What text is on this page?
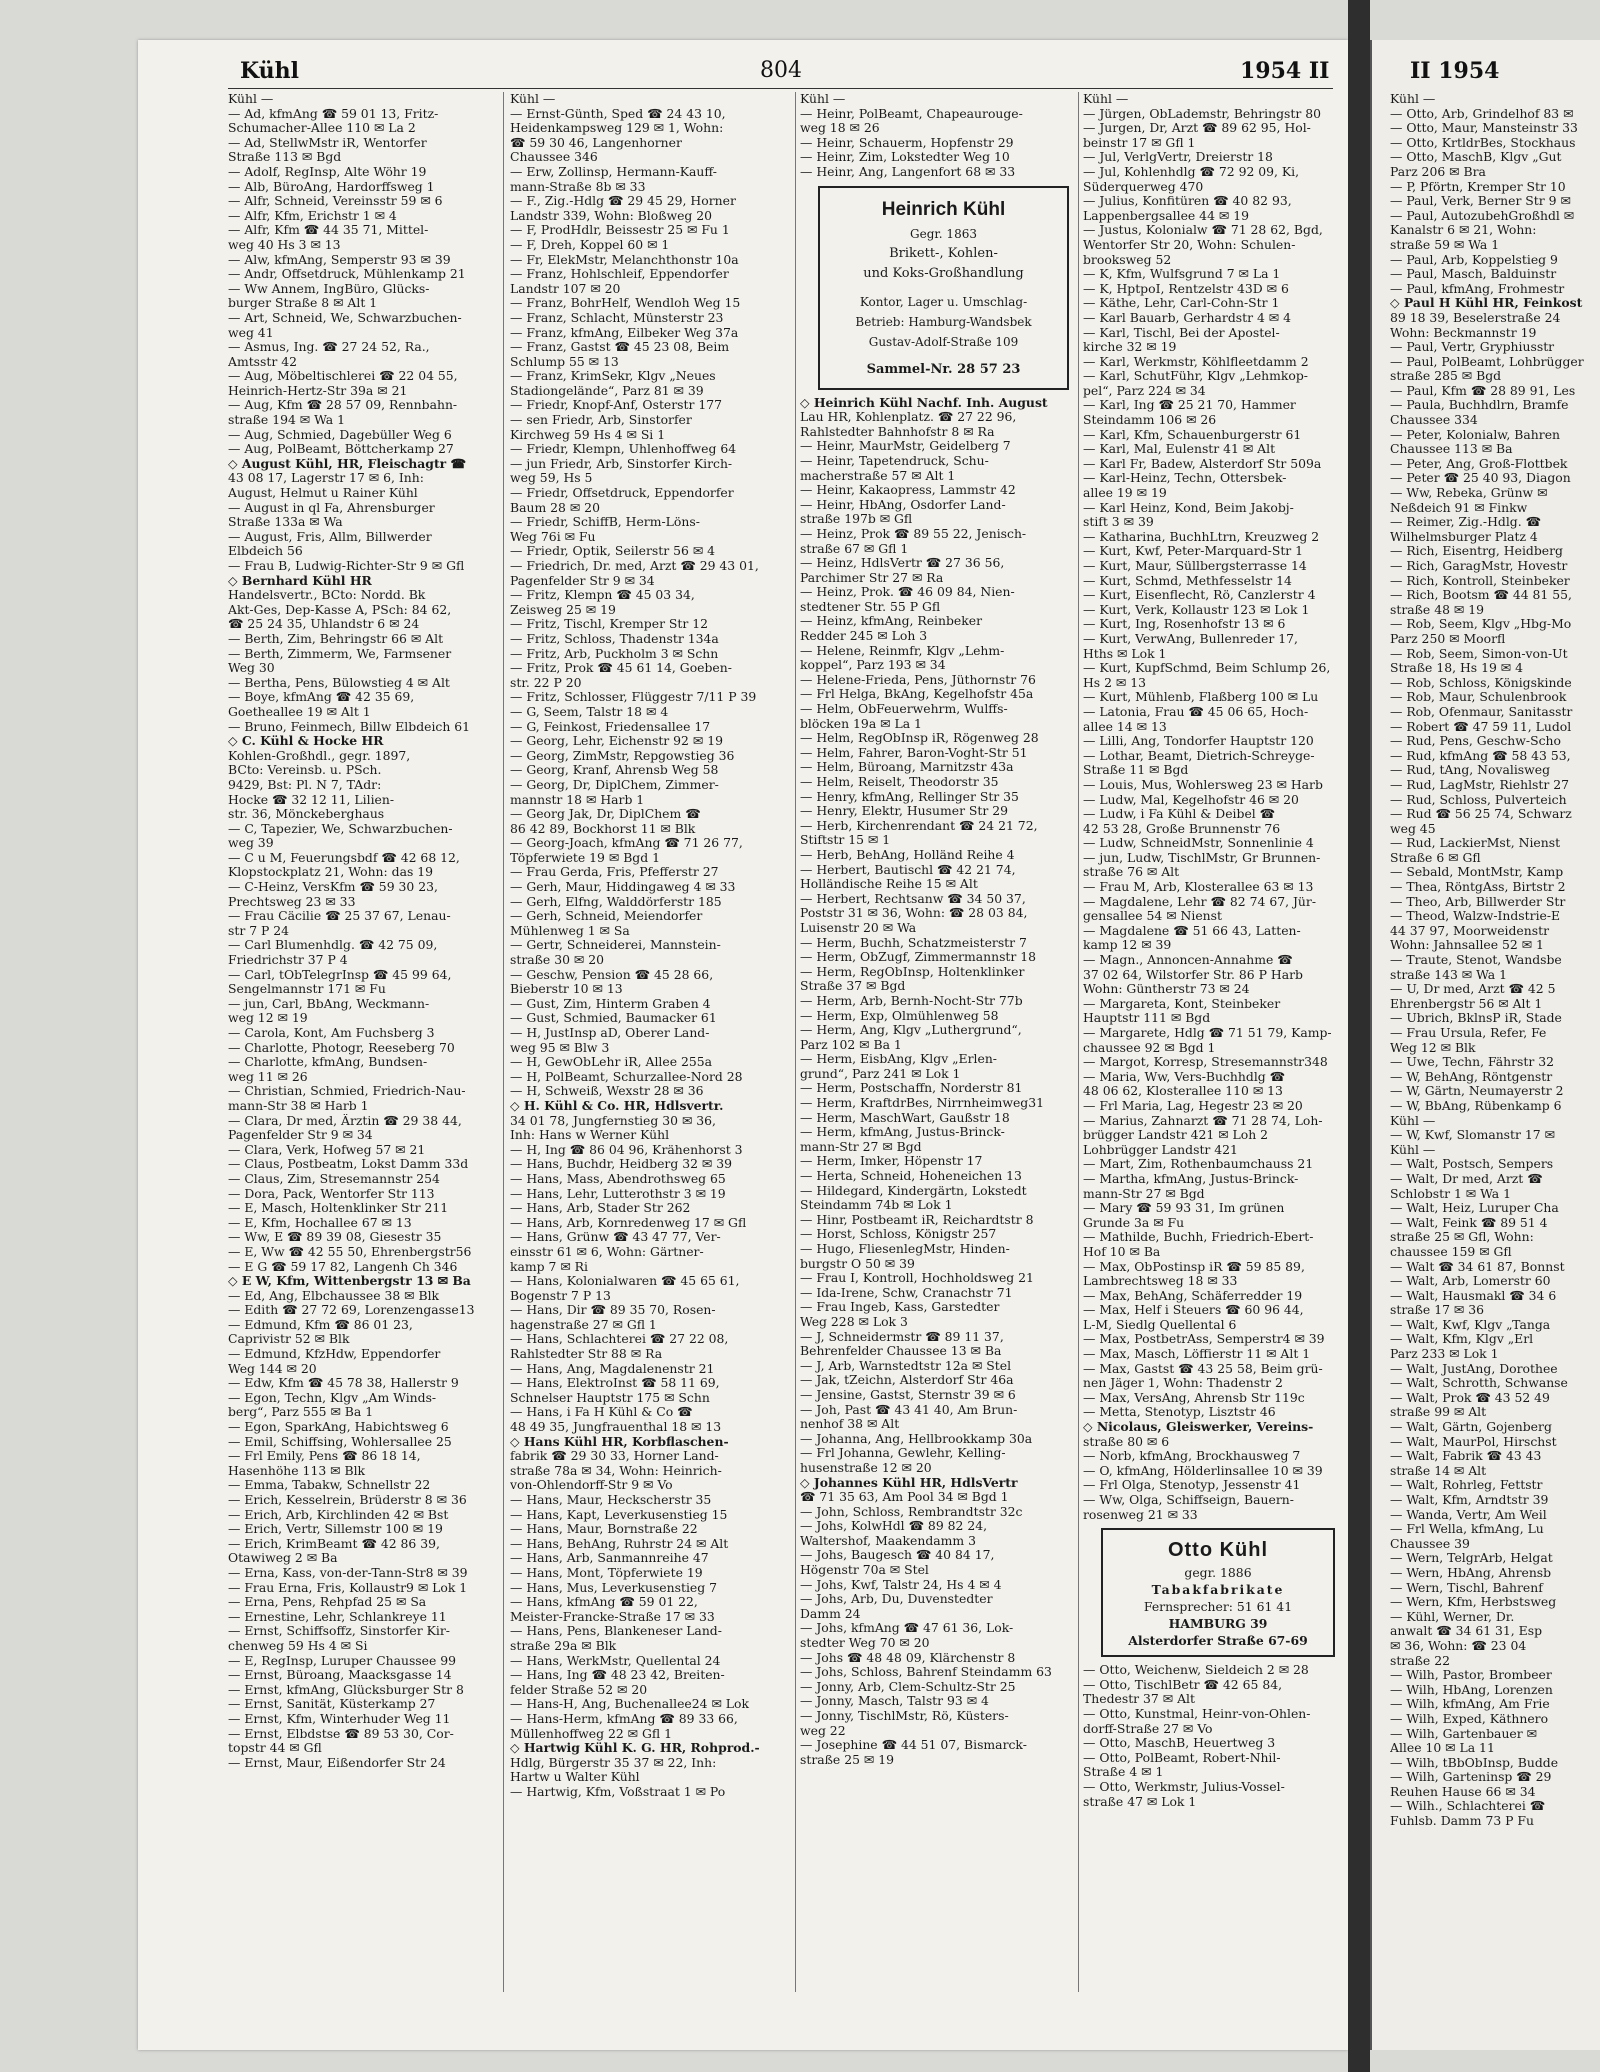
Kühl	804	1954 II	II 1954
Kühl —
— Ad, kfmAng ☎ 59 01 13, Fritz-
Schumacher-Allee 110 ✉ La 2
— Ad, StellwMstr iR, Wentorfer
Straße 113 ✉ Bgd
— Adolf, RegInsp, Alte Wöhr 19
— Alb, BüroAng, Hardorffsweg 1
— Alfr, Schneid, Vereinsstr 59 ✉ 6
— Alfr, Kfm, Erichstr 1 ✉ 4
— Alfr, Kfm ☎ 44 35 71, Mittel-
weg 40 Hs 3 ✉ 13
— Alw, kfmAng, Semperstr 93 ✉ 39
— Andr, Offsetdruck, Mühlenkamp 21
— Ww Annem, IngBüro, Glücks-
burger Straße 8 ✉ Alt 1
— Art, Schneid, We, Schwarzbuchen-
weg 41
— Asmus, Ing. ☎ 27 24 52, Ra.,
Amtsstr 42
— Aug, Möbeltischlerei ☎ 22 04 55,
Heinrich-Hertz-Str 39a ✉ 21
— Aug, Kfm ☎ 28 57 09, Rennbahn-
straße 194 ✉ Wa 1
— Aug, Schmied, Dagebüller Weg 6
— Aug, PolBeamt, Böttcherkamp 27
◇ August Kühl, HR, Fleischagtr ☎
43 08 17, Lagerstr 17 ✉ 6, Inh:
August, Helmut u Rainer Kühl
— August in ql Fa, Ahrensburger
Straße 133a ✉ Wa
— August, Fris, Allm, Billwerder
Elbdeich 56
— Frau B, Ludwig-Richter-Str 9 ✉ Gfl
◇ Bernhard Kühl HR
Handelsvertr., BCto: Nordd. Bk
Akt-Ges, Dep-Kasse A, PSch: 84 62,
☎ 25 24 35, Uhlandstr 6 ✉ 24
— Berth, Zim, Behringstr 66 ✉ Alt
— Berth, Zimmerm, We, Farmsener
Weg 30
— Bertha, Pens, Bülowstieg 4 ✉ Alt
— Boye, kfmAng ☎ 42 35 69,
Goetheallee 19 ✉ Alt 1
— Bruno, Feinmech, Billw Elbdeich 61
◇ C. Kühl & Hocke HR
Kohlen-Großhdl., gegr. 1897,
BCto: Vereinsb. u. PSch.
9429, Bst: Pl. N 7, TAdr:
Hocke ☎ 32 12 11, Lilien-
str. 36, Mönckeberghaus
— C, Tapezier, We, Schwarzbuchen-
weg 39
— C u M, Feuerungsbdf ☎ 42 68 12,
Klopstockplatz 21, Wohn: das 19
— C-Heinz, VersKfm ☎ 59 30 23,
Prechtsweg 23 ✉ 33
— Frau Cäcilie ☎ 25 37 67, Lenau-
str 7 P 24
— Carl Blumenhdlg. ☎ 42 75 09,
Friedrichstr 37 P 4
— Carl, tObTelegrInsp ☎ 45 99 64,
Sengelmannstr 171 ✉ Fu
— jun, Carl, BbAng, Weckmann-
weg 12 ✉ 19
— Carola, Kont, Am Fuchsberg 3
— Charlotte, Photogr, Reeseberg 70
— Charlotte, kfmAng, Bundsen-
weg 11 ✉ 26
— Christian, Schmied, Friedrich-Nau-
mann-Str 38 ✉ Harb 1
— Clara, Dr med, Ärztin ☎ 29 38 44,
Pagenfelder Str 9 ✉ 34
— Clara, Verk, Hofweg 57 ✉ 21
— Claus, Postbeatm, Lokst Damm 33d
— Claus, Zim, Stresemannstr 254
— Dora, Pack, Wentorfer Str 113
— E, Masch, Holtenklinker Str 211
— E, Kfm, Hochallee 67 ✉ 13
— Ww, E ☎ 89 39 08, Giesestr 35
— E, Ww ☎ 42 55 50, Ehrenbergstr56
— E G ☎ 59 17 82, Langenh Ch 346
◇ E W, Kfm, Wittenbergstr 13 ✉ Ba
— Ed, Ang, Elbchaussee 38 ✉ Blk
— Edith ☎ 27 72 69, Lorenzengasse13
— Edmund, Kfm ☎ 86 01 23,
Caprivistr 52 ✉ Blk
— Edmund, KfzHdw, Eppendorfer
Weg 144 ✉ 20
— Edw, Kfm ☎ 45 78 38, Hallerstr 9
— Egon, Techn, Klgv „Am Winds-
berg“, Parz 555 ✉ Ba 1
— Egon, SparkAng, Habichtsweg 6
— Emil, Schiffsing, Wohlersallee 25
— Frl Emily, Pens ☎ 86 18 14,
Hasenhöhe 113 ✉ Blk
— Emma, Tabakw, Schnellstr 22
— Erich, Kesselrein, Brüderstr 8 ✉ 36
— Erich, Arb, Kirchlinden 42 ✉ Bst
— Erich, Vertr, Sillemstr 100 ✉ 19
— Erich, KrimBeamt ☎ 42 86 39,
Otawiweg 2 ✉ Ba
— Erna, Kass, von-der-Tann-Str8 ✉ 39
— Frau Erna, Fris, Kollaustr9 ✉ Lok 1
— Erna, Pens, Rehpfad 25 ✉ Sa
— Ernestine, Lehr, Schlankreye 11
— Ernst, Schiffsoffz, Sinstorfer Kir-
chenweg 59 Hs 4 ✉ Si
— E, RegInsp, Luruper Chaussee 99
— Ernst, Büroang, Maacksgasse 14
— Ernst, kfmAng, Glücksburger Str 8
— Ernst, Sanität, Küsterkamp 27
— Ernst, Kfm, Winterhuder Weg 11
— Ernst, Elbdstse ☎ 89 53 30, Cor-
topstr 44 ✉ Gfl
— Ernst, Maur, Eißendorfer Str 24
Kühl —
— Ernst-Günth, Sped ☎ 24 43 10,
Heidenkampsweg 129 ✉ 1, Wohn:
☎ 59 30 46, Langenhorner
Chaussee 346
— Erw, Zollinsp, Hermann-Kauff-
mann-Straße 8b ✉ 33
— F., Zig.-Hdlg ☎ 29 45 29, Horner
Landstr 339, Wohn: Bloßweg 20
— F, ProdHdlr, Beissestr 25 ✉ Fu 1
— F, Dreh, Koppel 60 ✉ 1
— Fr, ElekMstr, Melanchthonstr 10a
— Franz, Hohlschleif, Eppendorfer
Landstr 107 ✉ 20
— Franz, BohrHelf, Wendloh Weg 15
— Franz, Schlacht, Münsterstr 23
— Franz, kfmAng, Eilbeker Weg 37a
— Franz, Gastst ☎ 45 23 08, Beim
Schlump 55 ✉ 13
— Franz, KrimSekr, Klgv „Neues
Stadiongelände“, Parz 81 ✉ 39
— Friedr, Knopf-Anf, Osterstr 177
— sen Friedr, Arb, Sinstorfer
Kirchweg 59 Hs 4 ✉ Si 1
— Friedr, Klempn, Uhlenhoffweg 64
— jun Friedr, Arb, Sinstorfer Kirch-
weg 59, Hs 5
— Friedr, Offsetdruck, Eppendorfer
Baum 28 ✉ 20
— Friedr, SchiffB, Herm-Löns-
Weg 76i ✉ Fu
— Friedr, Optik, Seilerstr 56 ✉ 4
— Friedrich, Dr. med, Arzt ☎ 29 43 01,
Pagenfelder Str 9 ✉ 34
— Fritz, Klempn ☎ 45 03 34,
Zeisweg 25 ✉ 19
— Fritz, Tischl, Kremper Str 12
— Fritz, Schloss, Thadenstr 134a
— Fritz, Arb, Puckholm 3 ✉ Schn
— Fritz, Prok ☎ 45 61 14, Goeben-
str. 22 P 20
— Fritz, Schlosser, Flüggestr 7/11 P 39
— G, Seem, Talstr 18 ✉ 4
— G, Feinkost, Friedensallee 17
— Georg, Lehr, Eichenstr 92 ✉ 19
— Georg, ZimMstr, Repgowstieg 36
— Georg, Kranf, Ahrensb Weg 58
— Georg, Dr, DiplChem, Zimmer-
mannstr 18 ✉ Harb 1
— Georg Jak, Dr, DiplChem ☎
86 42 89, Bockhorst 11 ✉ Blk
— Georg-Joach, kfmAng ☎ 71 26 77,
Töpferwiete 19 ✉ Bgd 1
— Frau Gerda, Fris, Pfefferstr 27
— Gerh, Maur, Hiddingaweg 4 ✉ 33
— Gerh, Elfng, Walddörferstr 185
— Gerh, Schneid, Meiendorfer
Mühlenweg 1 ✉ Sa
— Gertr, Schneiderei, Mannstein-
straße 30 ✉ 20
— Geschw, Pension ☎ 45 28 66,
Bieberstr 10 ✉ 13
— Gust, Zim, Hinterm Graben 4
— Gust, Schmied, Baumacker 61
— H, JustInsp aD, Oberer Land-
weg 95 ✉ Blw 3
— H, GewObLehr iR, Allee 255a
— H, PolBeamt, Schurzallee-Nord 28
— H, Schweiß, Wexstr 28 ✉ 36
◇ H. Kühl & Co. HR, Hdlsvertr.
34 01 78, Jungfernstieg 30 ✉ 36,
Inh: Hans w Werner Kühl
— H, Ing ☎ 86 04 96, Krähenhorst 3
— Hans, Buchdr, Heidberg 32 ✉ 39
— Hans, Mass, Abendrothsweg 65
— Hans, Lehr, Lutterothstr 3 ✉ 19
— Hans, Arb, Stader Str 262
— Hans, Arb, Kornredenweg 17 ✉ Gfl
— Hans, Grünw ☎ 43 47 77, Ver-
einsstr 61 ✉ 6, Wohn: Gärtner-
kamp 7 ✉ Ri
— Hans, Kolonialwaren ☎ 45 65 61,
Bogenstr 7 P 13
— Hans, Dir ☎ 89 35 70, Rosen-
hagenstraße 27 ✉ Gfl 1
— Hans, Schlachterei ☎ 27 22 08,
Rahlstedter Str 88 ✉ Ra
— Hans, Ang, Magdalenenstr 21
— Hans, ElektroInst ☎ 58 11 69,
Schnelser Hauptstr 175 ✉ Schn
— Hans, i Fa H Kühl & Co ☎
48 49 35, Jungfrauenthal 18 ✉ 13
◇ Hans Kühl HR, Korbflaschen-
fabrik ☎ 29 30 33, Horner Land-
straße 78a ✉ 34, Wohn: Heinrich-
von-Ohlendorff-Str 9 ✉ Vo
— Hans, Maur, Heckscherstr 35
— Hans, Kapt, Leverkusenstieg 15
— Hans, Maur, Bornstraße 22
— Hans, BehAng, Ruhrstr 24 ✉ Alt
— Hans, Arb, Sanmannreihe 47
— Hans, Mont, Töpferwiete 19
— Hans, Mus, Leverkusenstieg 7
— Hans, kfmAng ☎ 59 01 22,
Meister-Francke-Straße 17 ✉ 33
— Hans, Pens, Blankeneser Land-
straße 29a ✉ Blk
— Hans, WerkMstr, Quellental 24
— Hans, Ing ☎ 48 23 42, Breiten-
felder Straße 52 ✉ 20
— Hans-H, Ang, Buchenallee24 ✉ Lok
— Hans-Herm, kfmAng ☎ 89 33 66,
Müllenhoffweg 22 ✉ Gfl 1
◇ Hartwig Kühl K. G. HR, Rohprod.-
Hdlg, Bürgerstr 35 37 ✉ 22, Inh:
Hartw u Walter Kühl
— Hartwig, Kfm, Voßstraat 1 ✉ Po
Kühl —
— Heinr, PolBeamt, Chapeaurouge-
weg 18 ✉ 26
— Heinr, Schauerm, Hopfenstr 29
— Heinr, Zim, Lokstedter Weg 10
— Heinr, Ang, Langenfort 68 ✉ 33
Heinrich Kühl
Gegr. 1863
Brikett-, Kohlen-
und Koks-Großhandlung
Kontor, Lager u. Umschlag-
Betrieb: Hamburg-Wandsbek
Gustav-Adolf-Straße 109
Sammel-Nr. 28 57 23
◇ Heinrich Kühl Nachf. Inh. August
Lau HR, Kohlenplatz. ☎ 27 22 96,
Rahlstedter Bahnhofstr 8 ✉ Ra
— Heinr, MaurMstr, Geidelberg 7
— Heinr, Tapetendruck, Schu-
macherstraße 57 ✉ Alt 1
— Heinr, Kakaopress, Lammstr 42
— Heinr, HbAng, Osdorfer Land-
straße 197b ✉ Gfl
— Heinz, Prok ☎ 89 55 22, Jenisch-
straße 67 ✉ Gfl 1
— Heinz, HdlsVertr ☎ 27 36 56,
Parchimer Str 27 ✉ Ra
— Heinz, Prok. ☎ 46 09 84, Nien-
stedtener Str. 55 P Gfl
— Heinz, kfmAng, Reinbeker
Redder 245 ✉ Loh 3
— Helene, Reinmfr, Klgv „Lehm-
koppel“, Parz 193 ✉ 34
— Helene-Frieda, Pens, Jüthornstr 76
— Frl Helga, BkAng, Kegelhofstr 45a
— Helm, ObFeuerwehrm, Wulffs-
blöcken 19a ✉ La 1
— Helm, RegObInsp iR, Rögenweg 28
— Helm, Fahrer, Baron-Voght-Str 51
— Helm, Büroang, Marnitzstr 43a
— Helm, Reiselt, Theodorstr 35
— Henry, kfmAng, Rellinger Str 35
— Henry, Elektr, Husumer Str 29
— Herb, Kirchenrendant ☎ 24 21 72,
Stiftstr 15 ✉ 1
— Herb, BehAng, Holländ Reihe 4
— Herbert, Bautischl ☎ 42 21 74,
Holländische Reihe 15 ✉ Alt
— Herbert, Rechtsanw ☎ 34 50 37,
Poststr 31 ✉ 36, Wohn: ☎ 28 03 84,
Luisenstr 20 ✉ Wa
— Herm, Buchh, Schatzmeisterstr 7
— Herm, ObZugf, Zimmermannstr 18
— Herm, RegObInsp, Holtenklinker
Straße 37 ✉ Bgd
— Herm, Arb, Bernh-Nocht-Str 77b
— Herm, Exp, Olmühlenweg 58
— Herm, Ang, Klgv „Luthergrund“,
Parz 102 ✉ Ba 1
— Herm, EisbAng, Klgv „Erlen-
grund“, Parz 241 ✉ Lok 1
— Herm, Postschaffn, Norderstr 81
— Herm, KraftdrBes, Nirrnheimweg31
— Herm, MaschWart, Gaußstr 18
— Herm, kfmAng, Justus-Brinck-
mann-Str 27 ✉ Bgd
— Herm, Imker, Höpenstr 17
— Herta, Schneid, Hoheneichen 13
— Hildegard, Kindergärtn, Lokstedt
Steindamm 74b ✉ Lok 1
— Hinr, Postbeamt iR, Reichardtstr 8
— Horst, Schloss, Königstr 257
— Hugo, FliesenlegMstr, Hinden-
burgstr O 50 ✉ 39
— Frau I, Kontroll, Hochholdsweg 21
— Ida-Irene, Schw, Cranachstr 71
— Frau Ingeb, Kass, Garstedter
Weg 228 ✉ Lok 3
— J, Schneidermstr ☎ 89 11 37,
Behrenfelder Chaussee 13 ✉ Ba
— J, Arb, Warnstedtstr 12a ✉ Stel
— Jak, tZeichn, Alsterdorf Str 46a
— Jensine, Gastst, Sternstr 39 ✉ 6
— Joh, Past ☎ 43 41 40, Am Brun-
nenhof 38 ✉ Alt
— Johanna, Ang, Hellbrookkamp 30a
— Frl Johanna, Gewlehr, Kelling-
husenstraße 12 ✉ 20
◇ Johannes Kühl HR, HdlsVertr
☎ 71 35 63, Am Pool 34 ✉ Bgd 1
— John, Schloss, Rembrandtstr 32c
— Johs, KolwHdl ☎ 89 82 24,
Waltershof, Maakendamm 3
— Johs, Baugesch ☎ 40 84 17,
Högenstr 70a ✉ Stel
— Johs, Kwf, Talstr 24, Hs 4 ✉ 4
— Johs, Arb, Du, Duvenstedter
Damm 24
— Johs, kfmAng ☎ 47 61 36, Lok-
stedter Weg 70 ✉ 20
— Johs ☎ 48 48 09, Klärchenstr 8
— Johs, Schloss, Bahrenf Steindamm 63
— Jonny, Arb, Clem-Schultz-Str 25
— Jonny, Masch, Talstr 93 ✉ 4
— Jonny, TischlMstr, Rö, Küsters-
weg 22
— Josephine ☎ 44 51 07, Bismarck-
straße 25 ✉ 19
Kühl —
— Jürgen, ObLademstr, Behringstr 80
— Jurgen, Dr, Arzt ☎ 89 62 95, Hol-
beinstr 17 ✉ Gfl 1
— Jul, VerlgVertr, Dreierstr 18
— Jul, Kohlenhdlg ☎ 72 92 09, Ki,
Süderquerweg 470
— Julius, Konfitüren ☎ 40 82 93,
Lappenbergsallee 44 ✉ 19
— Justus, Kolonialw ☎ 71 28 62, Bgd,
Wentorfer Str 20, Wohn: Schulen-
brooksweg 52
— K, Kfm, Wulfsgrund 7 ✉ La 1
— K, HptpoI, Rentzelstr 43D ✉ 6
— Käthe, Lehr, Carl-Cohn-Str 1
— Karl Bauarb, Gerhardstr 4 ✉ 4
— Karl, Tischl, Bei der Apostel-
kirche 32 ✉ 19
— Karl, Werkmstr, Köhlfleetdamm 2
— Karl, SchutFühr, Klgv „Lehmkop-
pel“, Parz 224 ✉ 34
— Karl, Ing ☎ 25 21 70, Hammer
Steindamm 106 ✉ 26
— Karl, Kfm, Schauenburgerstr 61
— Karl, Mal, Eulenstr 41 ✉ Alt
— Karl Fr, Badew, Alsterdorf Str 509a
— Karl-Heinz, Techn, Ottersbek-
allee 19 ✉ 19
— Karl Heinz, Kond, Beim Jakobj-
stift 3 ✉ 39
— Katharina, BuchhLtrn, Kreuzweg 2
— Kurt, Kwf, Peter-Marquard-Str 1
— Kurt, Maur, Süllbergsterrasse 14
— Kurt, Schmd, Methfesselstr 14
— Kurt, Eisenflecht, Rö, Canzlerstr 4
— Kurt, Verk, Kollaustr 123 ✉ Lok 1
— Kurt, Ing, Rosenhofstr 13 ✉ 6
— Kurt, VerwAng, Bullenreder 17,
Hths ✉ Lok 1
— Kurt, KupfSchmd, Beim Schlump 26,
Hs 2 ✉ 13
— Kurt, Mühlenb, Flaßberg 100 ✉ Lu
— Latonia, Frau ☎ 45 06 65, Hoch-
allee 14 ✉ 13
— Lilli, Ang, Tondorfer Hauptstr 120
— Lothar, Beamt, Dietrich-Schreyge-
Straße 11 ✉ Bgd
— Louis, Mus, Wohlersweg 23 ✉ Harb
— Ludw, Mal, Kegelhofstr 46 ✉ 20
— Ludw, i Fa Kühl & Deibel ☎
42 53 28, Große Brunnenstr 76
— Ludw, SchneidMstr, Sonnenlinie 4
— jun, Ludw, TischlMstr, Gr Brunnen-
straße 76 ✉ Alt
— Frau M, Arb, Klosterallee 63 ✉ 13
— Magdalene, Lehr ☎ 82 74 67, Jür-
gensallee 54 ✉ Nienst
— Magdalene ☎ 51 66 43, Latten-
kamp 12 ✉ 39
— Magn., Annoncen-Annahme ☎
37 02 64, Wilstorfer Str. 86 P Harb
Wohn: Güntherstr 73 ✉ 24
— Margareta, Kont, Steinbeker
Hauptstr 111 ✉ Bgd
— Margarete, Hdlg ☎ 71 51 79, Kamp-
chaussee 92 ✉ Bgd 1
— Margot, Korresp, Stresemannstr348
— Maria, Ww, Vers-Buchhdlg ☎
48 06 62, Klosterallee 110 ✉ 13
— Frl Maria, Lag, Hegestr 23 ✉ 20
— Marius, Zahnarzt ☎ 71 28 74, Loh-
brügger Landstr 421 ✉ Loh 2
Lohbrügger Landstr 421
— Mart, Zim, Rothenbaumchauss 21
— Martha, kfmAng, Justus-Brinck-
mann-Str 27 ✉ Bgd
— Mary ☎ 59 93 31, Im grünen
Grunde 3a ✉ Fu
— Mathilde, Buchh, Friedrich-Ebert-
Hof 10 ✉ Ba
— Max, ObPostinsp iR ☎ 59 85 89,
Lambrechtsweg 18 ✉ 33
— Max, BehAng, Schäferredder 19
— Max, Helf i Steuers ☎ 60 96 44,
L-M, Siedlg Quellental 6
— Max, PostbetrAss, Semperstr4 ✉ 39
— Max, Masch, Löffierstr 11 ✉ Alt 1
— Max, Gastst ☎ 43 25 58, Beim grü-
nen Jäger 1, Wohn: Thadenstr 2
— Max, VersAng, Ahrensb Str 119c
— Metta, Stenotyp, Lisztstr 46
◇ Nicolaus, Gleiswerker, Vereins-
straße 80 ✉ 6
— Norb, kfmAng, Brockhausweg 7
— O, kfmAng, Hölderlinsallee 10 ✉ 39
— Frl Olga, Stenotyp, Jessenstr 41
— Ww, Olga, Schiffseign, Bauern-
rosenweg 21 ✉ 33
Otto Kühl
gegr. 1886
Tabakfabrikate
Fernsprecher: 51 61 41
HAMBURG 39
Alsterdorfer Straße 67-69
— Otto, Weichenw, Sieldeich 2 ✉ 28
— Otto, TischlBetr ☎ 42 65 84,
Thedestr 37 ✉ Alt
— Otto, Kunstmal, Heinr-von-Ohlen-
dorff-Straße 27 ✉ Vo
— Otto, MaschB, Heuertweg 3
— Otto, PolBeamt, Robert-Nhil-
Straße 4 ✉ 1
— Otto, Werkmstr, Julius-Vossel-
straße 47 ✉ Lok 1
Kühl —
— Otto, Arb, Grindelhof 83 ✉
— Otto, Maur, Mansteinstr 33
— Otto, KrtldrBes, Stockhaus
— Otto, MaschB, Klgv „Gut
Parz 206 ✉ Bra
— P, Pförtn, Kremper Str 10
— Paul, Verk, Berner Str 9 ✉
— Paul, AutozubehGroßhdl ✉
Kanalstr 6 ✉ 21, Wohn:
straße 59 ✉ Wa 1
— Paul, Arb, Koppelstieg 9
— Paul, Masch, Balduinstr
— Paul, kfmAng, Frohmestr
◇ Paul H Kühl HR, Feinkost
89 18 39, Beselerstraße 24
Wohn: Beckmannstr 19
— Paul, Vertr, Gryphiusstr
— Paul, PolBeamt, Lohbrügger
straße 285 ✉ Bgd
— Paul, Kfm ☎ 28 89 91, Les
— Paula, Buchhdlrn, Bramfe
Chaussee 334
— Peter, Kolonialw, Bahren
Chaussee 113 ✉ Ba
— Peter, Ang, Groß-Flottbek
— Peter ☎ 25 40 93, Diagon
— Ww, Rebeka, Grünw ✉
Neßdeich 91 ✉ Finkw
— Reimer, Zig.-Hdlg. ☎
Wilhelmsburger Platz 4
— Rich, Eisentrg, Heidberg
— Rich, GaragMstr, Hovestr
— Rich, Kontroll, Steinbeker
— Rich, Bootsm ☎ 44 81 55,
straße 48 ✉ 19
— Rob, Seem, Klgv „Hbg-Mo
Parz 250 ✉ Moorfl
— Rob, Seem, Simon-von-Ut
Straße 18, Hs 19 ✉ 4
— Rob, Schloss, Königskinde
— Rob, Maur, Schulenbrook
— Rob, Ofenmaur, Sanitasstr
— Robert ☎ 47 59 11, Ludol
— Rud, Pens, Geschw-Scho
— Rud, kfmAng ☎ 58 43 53,
— Rud, tAng, Novalisweg
— Rud, LagMstr, Riehlstr 27
— Rud, Schloss, Pulverteich
— Rud ☎ 56 25 74, Schwarz
weg 45
— Rud, LackierMst, Nienst
Straße 6 ✉ Gfl
— Sebald, MontMstr, Kamp
— Thea, RöntgAss, Birtstr 2
— Theo, Arb, Billwerder Str
— Theod, Walzw-Indstrie-E
44 37 97, Moorweidenstr
Wohn: Jahnsallee 52 ✉ 1
— Traute, Stenot, Wandsbe
straße 143 ✉ Wa 1
— U, Dr med, Arzt ☎ 42 5
Ehrenbergstr 56 ✉ Alt 1
— Ubrich, BklnsP iR, Stade
— Frau Ursula, Refer, Fe
Weg 12 ✉ Blk
— Uwe, Techn, Fährstr 32
— W, BehAng, Röntgenstr
— W, Gärtn, Neumayerstr 2
— W, BbAng, Rübenkamp 6
Kühl —
— W, Kwf, Slomanstr 17 ✉
Kühl —
— Walt, Postsch, Sempers
— Walt, Dr med, Arzt ☎
Schlobstr 1 ✉ Wa 1
— Walt, Heiz, Luruper Cha
— Walt, Feink ☎ 89 51 4
straße 25 ✉ Gfl, Wohn:
chaussee 159 ✉ Gfl
— Walt ☎ 34 61 87, Bonnst
— Walt, Arb, Lomerstr 60
— Walt, Hausmakl ☎ 34 6
straße 17 ✉ 36
— Walt, Kwf, Klgv „Tanga
— Walt, Kfm, Klgv „Erl
Parz 233 ✉ Lok 1
— Walt, JustAng, Dorothee
— Walt, Schrotth, Schwanse
— Walt, Prok ☎ 43 52 49
straße 99 ✉ Alt
— Walt, Gärtn, Gojenberg
— Walt, MaurPol, Hirschst
— Walt, Fabrik ☎ 43 43
straße 14 ✉ Alt
— Walt, Rohrleg, Fettstr
— Walt, Kfm, Arndtstr 39
— Wanda, Vertr, Am Weil
— Frl Wella, kfmAng, Lu
Chaussee 39
— Wern, TelgrArb, Helgat
— Wern, HbAng, Ahrensb
— Wern, Tischl, Bahrenf
— Wern, Kfm, Herbstsweg
— Kühl, Werner, Dr.
anwalt ☎ 34 61 31, Esp
✉ 36, Wohn: ☎ 23 04
straße 22
— Wilh, Pastor, Brombeer
— Wilh, HbAng, Lorenzen
— Wilh, kfmAng, Am Frie
— Wilh, Exped, Käthnero
— Wilh, Gartenbauer ✉
Allee 10 ✉ La 11
— Wilh, tBbObInsp, Budde
— Wilh, Garteninsp ☎ 29
Reuhen Hause 66 ✉ 34
— Wilh., Schlachterei ☎
Fuhlsb. Damm 73 P Fu
